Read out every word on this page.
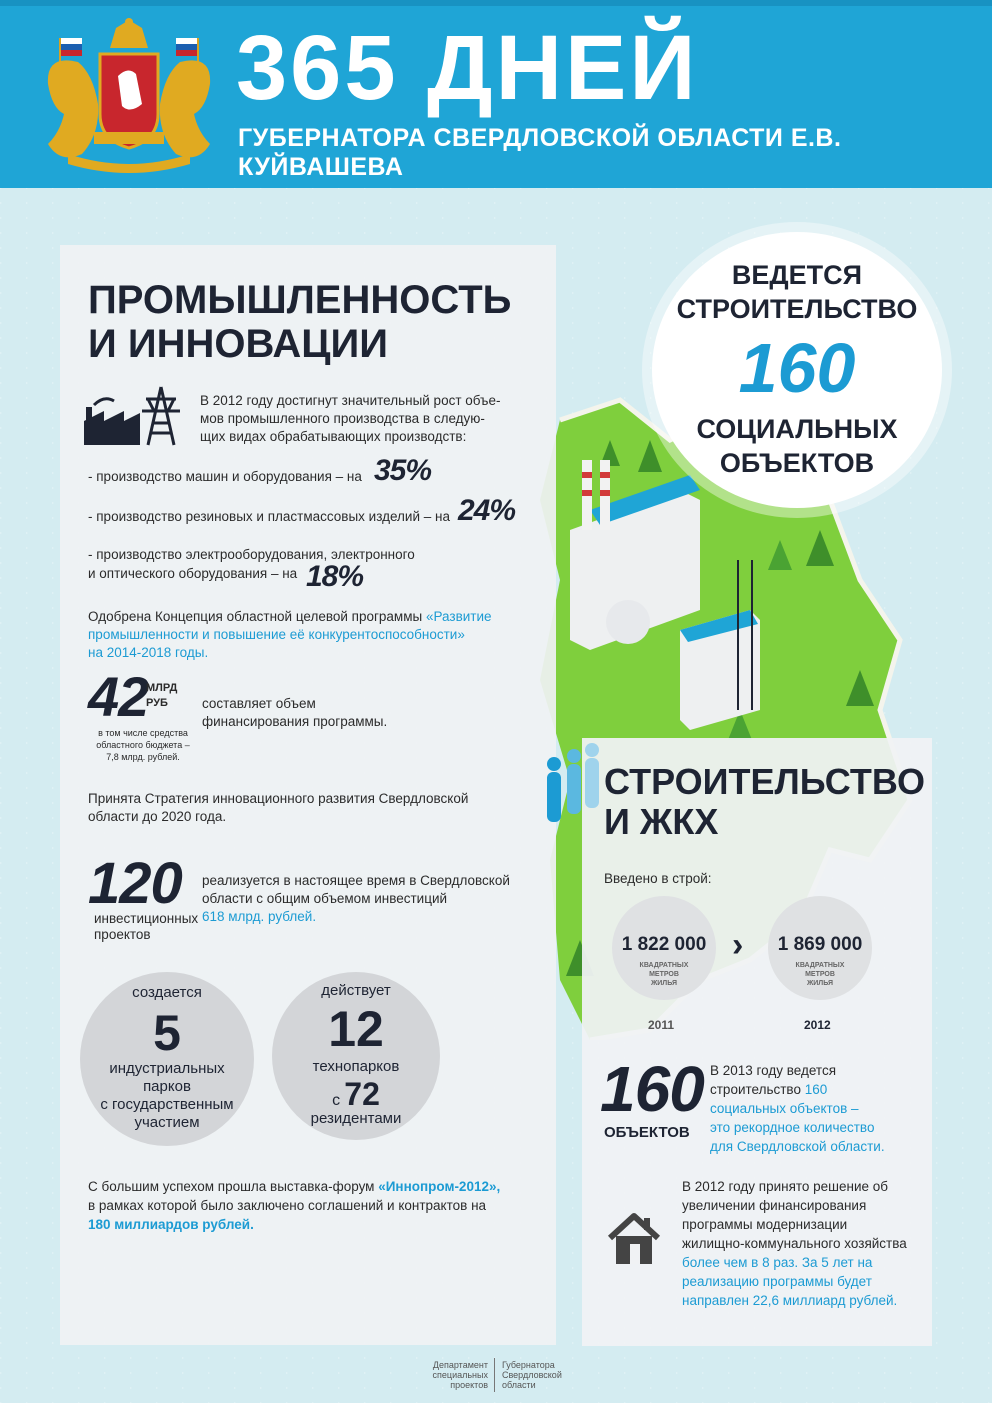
365 ДНЕЙ
ГУБЕРНАТОРА СВЕРДЛОВСКОЙ ОБЛАСТИ Е.В. КУЙВАШЕВА
ВЕДЕТСЯ
СТРОИТЕЛЬСТВО
160
СОЦИАЛЬНЫХ
ОБЪЕКТОВ
ПРОМЫШЛЕННОСТЬ
И ИННОВАЦИИ
В 2012 году достигнут значительный рост объе-
мов промышленного производства в следую-
щих видах обрабатывающих производств:
- производство машин и оборудования – на 35%
- производство резиновых и пластмассовых изделий – на 24%
- производство электрооборудования, электронного
и оптического оборудования – на 18%
Одобрена Концепция областной целевой программы «Развитие
промышленности и повышение её конкурентоспособности»
на 2014-2018 годы.
42
МЛРД
РУБ	составляет объем
финансирования программы.
в том числе средства
областного бюджета –
7,8 млрд. рублей.
Принята Стратегия инновационного развития Свердловской
области до 2020 года.
120
инвестиционных
проектов
реализуется в настоящее время в Свердловской
области с общим объемом инвестиций
618 млрд. рублей.
создается
5
индустриальных
парков
с государственным
участием
действует
12
технопарков
с 72
резидентами
С большим успехом прошла выставка-форум «Иннопром-2012»,
в рамках которой было заключено соглашений и контрактов на
180 миллиардов рублей.
СТРОИТЕЛЬСТВО
И ЖКХ
Введено в строй:
1 822 000
КВАДРАТНЫХ
МЕТРОВ
ЖИЛЬЯ
2011
›	1 869 000
КВАДРАТНЫХ
МЕТРОВ
ЖИЛЬЯ
2012
160
ОБЪЕКТОВ
В 2013 году ведется
строительство 160
социальных объектов –
это рекордное количество
для Свердловской области.
В 2012 году принято решение об
увеличении финансирования
программы модернизации
жилищно-коммунального хозяйства
более чем в 8 раз. За 5 лет на
реализацию программы будет
направлен 22,6 миллиард рублей.
Департамент
специальных
проектов
Губернатора
Свердловской
области
